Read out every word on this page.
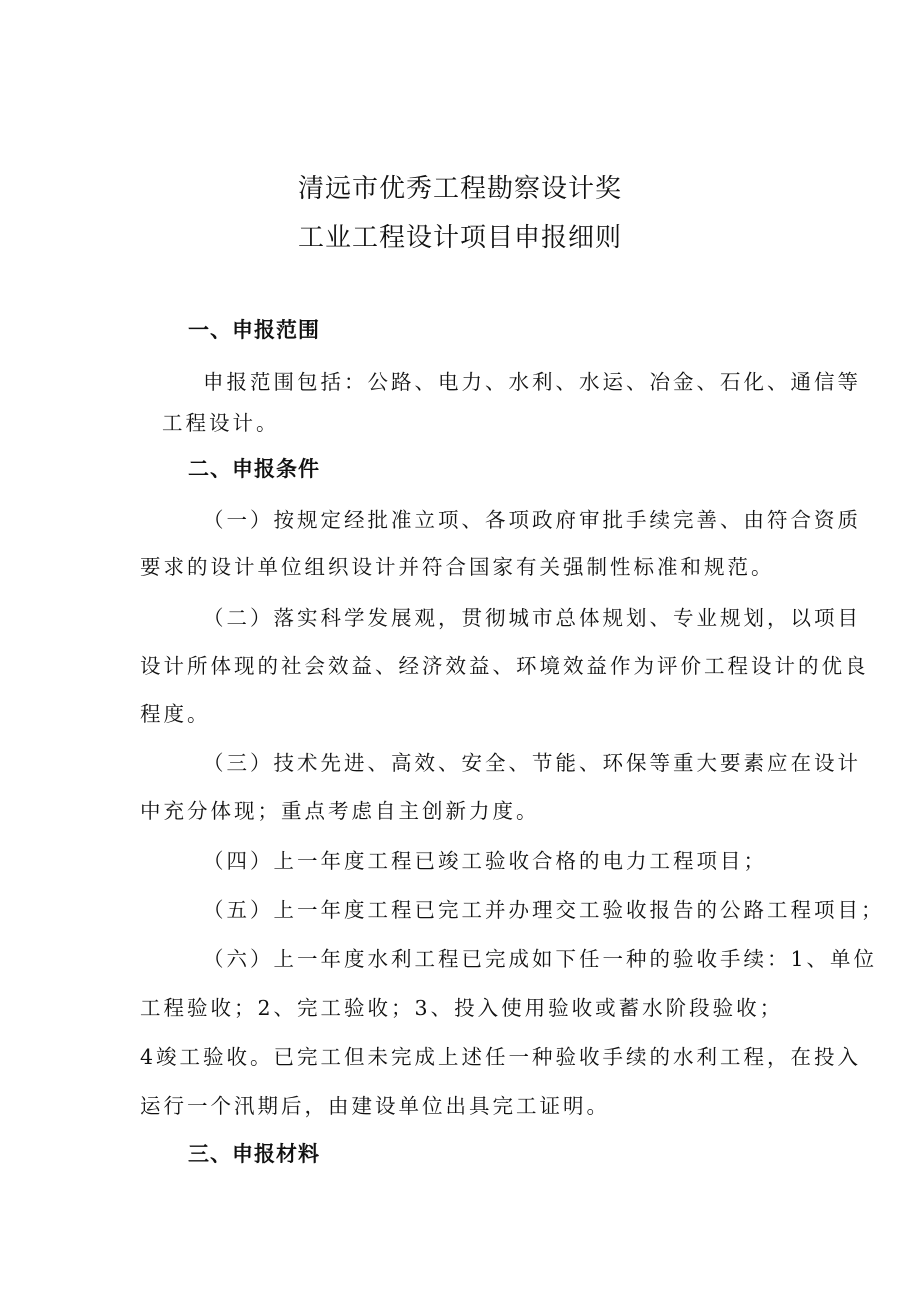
清远市优秀工程勘察设计奖
工业工程设计项目申报细则
一、申报范围
申报范围包括：公路、电力、水利、水运、冶金、石化、通信等
工程设计。
二、申报条件
（一）按规定经批准立项、各项政府审批手续完善、由符合资质
要求的设计单位组织设计并符合国家有关强制性标准和规范。
（二）落实科学发展观，贯彻城市总体规划、专业规划，以项目
设计所体现的社会效益、经济效益、环境效益作为评价工程设计的优良
程度。
（三）技术先进、高效、安全、节能、环保等重大要素应在设计
中充分体现；重点考虑自主创新力度。
（四）上一年度工程已竣工验收合格的电力工程项目；
（五）上一年度工程已完工并办理交工验收报告的公路工程项目；
（六）上一年度水利工程已完成如下任一种的验收手续：1、单位
工程验收；2、完工验收；3、投入使用验收或蓄水阶段验收；
4竣工验收。已完工但未完成上述任一种验收手续的水利工程，在投入
运行一个汛期后，由建设单位出具完工证明。
三、申报材料
